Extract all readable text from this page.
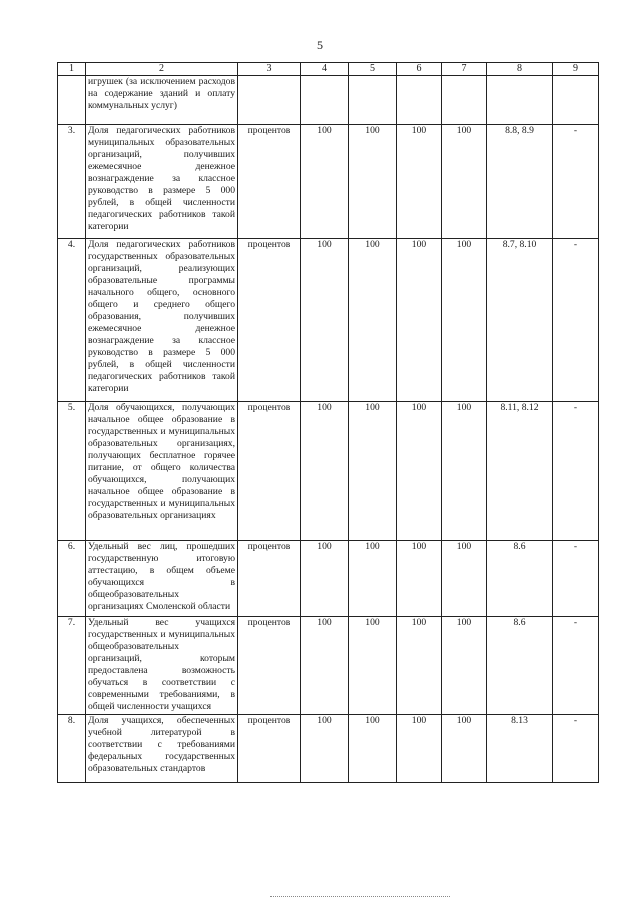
5
1	2	3	4	5	6	7	8	9
	игрушек (за исключением расходов на содержание зданий и оплату коммунальных услуг)							
3.	Доля педагогических работников муниципальных образовательных организаций, получивших ежемесячное денежное вознаграждение за классное руководство в размере 5 000 рублей, в общей численности педагогических работников такой категории	процентов	100	100	100	100	8.8, 8.9	-
4.	Доля педагогических работников государственных образовательных организаций, реализующих образовательные программы начального общего, основного общего и среднего общего образования, получивших ежемесячное денежное вознаграждение за классное руководство в размере 5 000 рублей, в общей численности педагогических работников такой категории	процентов	100	100	100	100	8.7, 8.10	-
5.	Доля обучающихся, получающих начальное общее образование в государственных и муниципальных образовательных организациях, получающих бесплатное горячее питание, от общего количества обучающихся, получающих начальное общее образование в государственных и муниципальных образовательных организациях	процентов	100	100	100	100	8.11, 8.12	-
6.	Удельный вес лиц, прошедших государственную итоговую аттестацию, в общем объеме обучающихся в общеобразовательных организациях Смоленской области	процентов	100	100	100	100	8.6	-
7.	Удельный вес учащихся государственных и муниципальных общеобразовательных организаций, которым предоставлена возможность обучаться в соответствии с современными требованиями, в общей численности учащихся	процентов	100	100	100	100	8.6	-
8.	Доля учащихся, обеспеченных учебной литературой в соответствии с требованиями федеральных государственных образовательных стандартов	процентов	100	100	100	100	8.13	-
